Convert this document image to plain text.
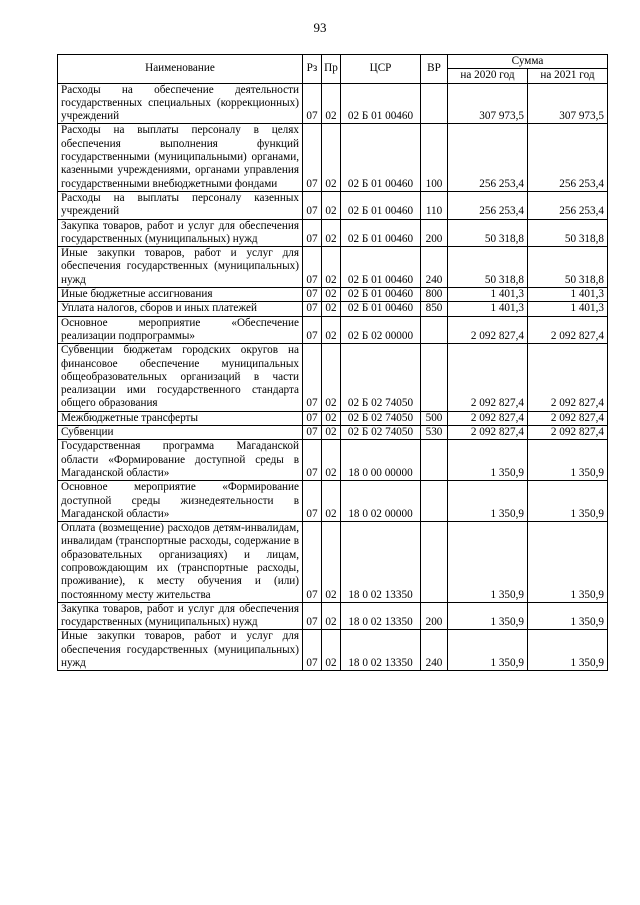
93
Наименование	Рз	Пр	ЦСР	ВР	Сумма	
					на 2020 год	на 2021 год
Расходы на обеспечение деятельности государственных специальных (коррекционных) учреждений	07	02	02 Б 01 00460		307 973,5	307 973,5
Расходы на выплаты персоналу в целях обеспечения выполнения функций государственными (муниципальными) органами, казенными учреждениями, органами управления государственными внебюджетными фондами	07	02	02 Б 01 00460	100	256 253,4	256 253,4
Расходы на выплаты персоналу казенных учреждений	07	02	02 Б 01 00460	110	256 253,4	256 253,4
Закупка товаров, работ и услуг для обеспечения государственных (муниципальных) нужд	07	02	02 Б 01 00460	200	50 318,8	50 318,8
Иные закупки товаров, работ и услуг для обеспечения государственных (муниципальных) нужд	07	02	02 Б 01 00460	240	50 318,8	50 318,8
Иные бюджетные ассигнования	07	02	02 Б 01 00460	800	1 401,3	1 401,3
Уплата налогов, сборов и иных платежей	07	02	02 Б 01 00460	850	1 401,3	1 401,3
Основное мероприятие «Обеспечение реализации подпрограммы»	07	02	02 Б 02 00000		2 092 827,4	2 092 827,4
Субвенции бюджетам городских округов на финансовое обеспечение муниципальных общеобразовательных организаций в части реализации ими государственного стандарта общего образования	07	02	02 Б 02 74050		2 092 827,4	2 092 827,4
Межбюджетные трансферты	07	02	02 Б 02 74050	500	2 092 827,4	2 092 827,4
Субвенции	07	02	02 Б 02 74050	530	2 092 827,4	2 092 827,4
Государственная программа Магаданской области «Формирование доступной среды в Магаданской области»	07	02	18 0 00 00000		1 350,9	1 350,9
Основное мероприятие «Формирование доступной среды жизнедеятельности в Магаданской области»	07	02	18 0 02 00000		1 350,9	1 350,9
Оплата (возмещение) расходов детям-инвалидам, инвалидам (транспортные расходы, содержание в образовательных организациях) и лицам, сопровождающим их (транспортные расходы, проживание), к месту обучения и (или) постоянному месту жительства	07	02	18 0 02 13350		1 350,9	1 350,9
Закупка товаров, работ и услуг для обеспечения государственных (муниципальных) нужд	07	02	18 0 02 13350	200	1 350,9	1 350,9
Иные закупки товаров, работ и услуг для обеспечения государственных (муниципальных) нужд	07	02	18 0 02 13350	240	1 350,9	1 350,9
